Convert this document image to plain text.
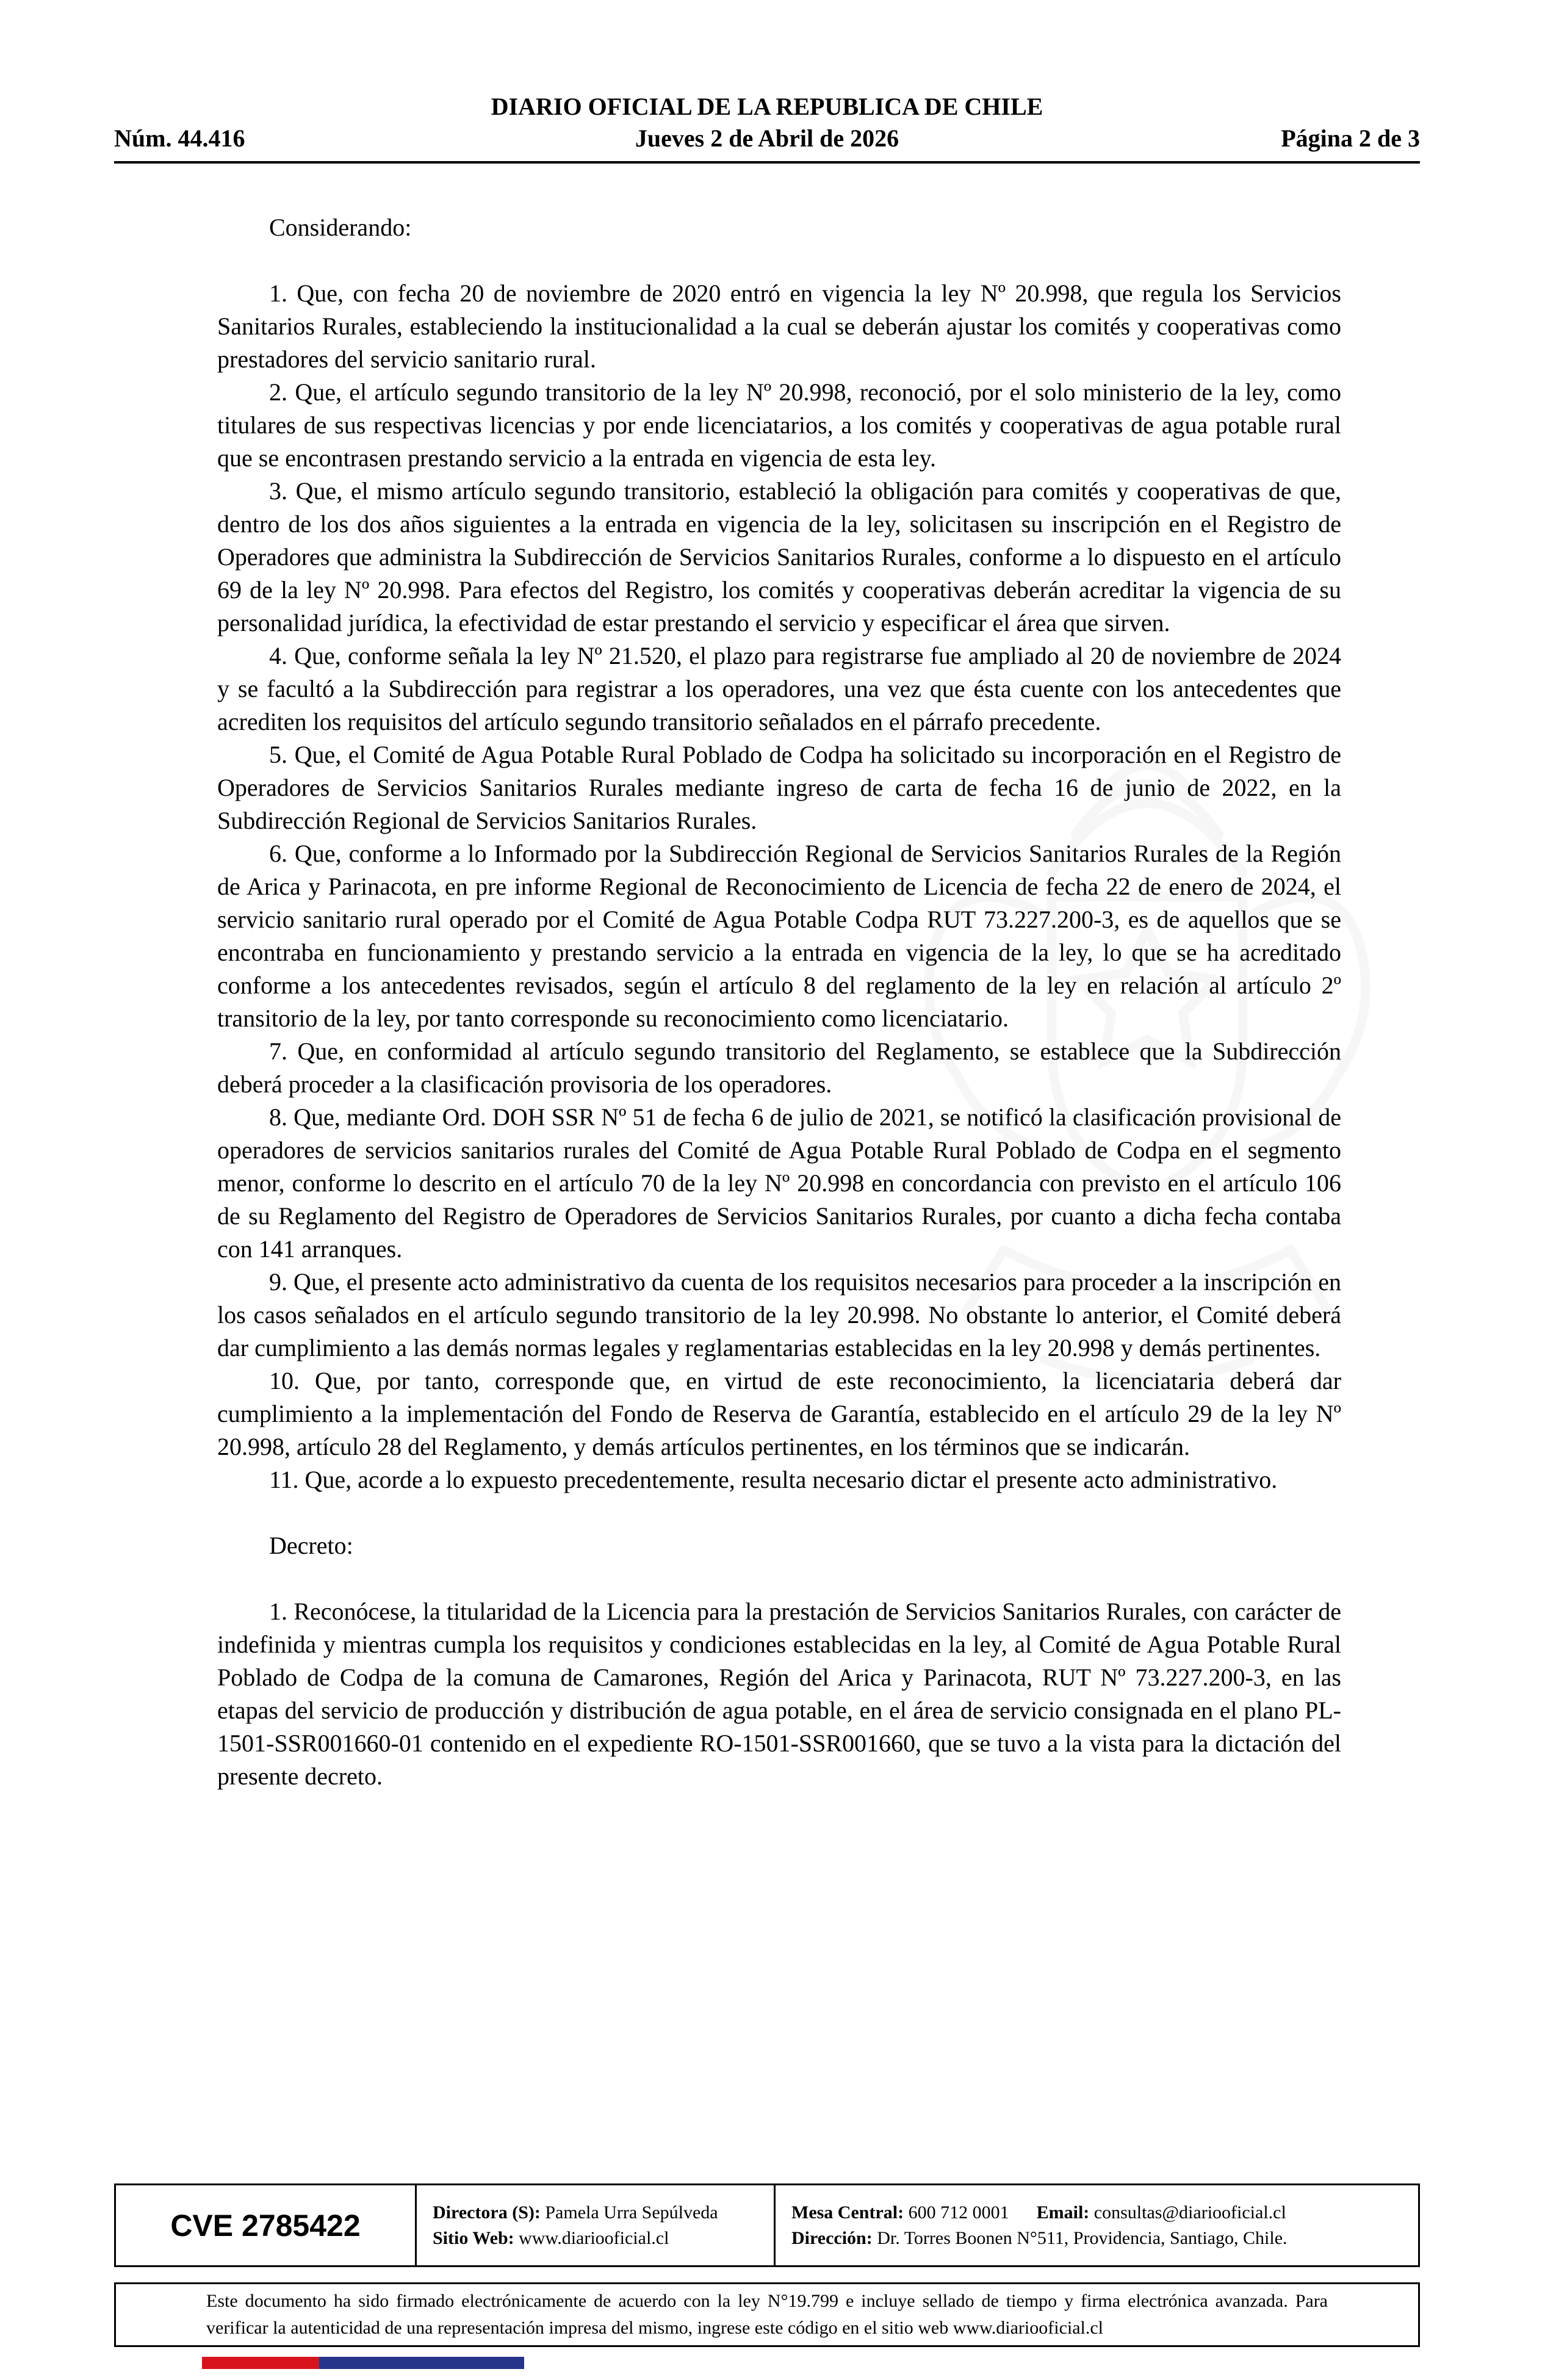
DIARIO OFICIAL DE LA REPUBLICA DE CHILE
Núm. 44.416	Jueves 2 de Abril de 2026	Página 2 de 3

Considerando:

1. Que, con fecha 20 de noviembre de 2020 entró en vigencia la ley Nº 20.998, que regula los Servicios Sanitarios Rurales, estableciendo la institucionalidad a la cual se deberán ajustar los comités y cooperativas como prestadores del servicio sanitario rural.

2. Que, el artículo segundo transitorio de la ley Nº 20.998, reconoció, por el solo ministerio de la ley, como titulares de sus respectivas licencias y por ende licenciatarios, a los comités y cooperativas de agua potable rural que se encontrasen prestando servicio a la entrada en vigencia de esta ley.

3. Que, el mismo artículo segundo transitorio, estableció la obligación para comités y cooperativas de que, dentro de los dos años siguientes a la entrada en vigencia de la ley, solicitasen su inscripción en el Registro de Operadores que administra la Subdirección de Servicios Sanitarios Rurales, conforme a lo dispuesto en el artículo 69 de la ley Nº 20.998. Para efectos del Registro, los comités y cooperativas deberán acreditar la vigencia de su personalidad jurídica, la efectividad de estar prestando el servicio y especificar el área que sirven.

4. Que, conforme señala la ley Nº 21.520, el plazo para registrarse fue ampliado al 20 de noviembre de 2024 y se facultó a la Subdirección para registrar a los operadores, una vez que ésta cuente con los antecedentes que acrediten los requisitos del artículo segundo transitorio señalados en el párrafo precedente.

5. Que, el Comité de Agua Potable Rural Poblado de Codpa ha solicitado su incorporación en el Registro de Operadores de Servicios Sanitarios Rurales mediante ingreso de carta de fecha 16 de junio de 2022, en la Subdirección Regional de Servicios Sanitarios Rurales.

6. Que, conforme a lo Informado por la Subdirección Regional de Servicios Sanitarios Rurales de la Región de Arica y Parinacota, en pre informe Regional de Reconocimiento de Licencia de fecha 22 de enero de 2024, el servicio sanitario rural operado por el Comité de Agua Potable Codpa RUT 73.227.200-3, es de aquellos que se encontraba en funcionamiento y prestando servicio a la entrada en vigencia de la ley, lo que se ha acreditado conforme a los antecedentes revisados, según el artículo 8 del reglamento de la ley en relación al artículo 2º transitorio de la ley, por tanto corresponde su reconocimiento como licenciatario.

7. Que, en conformidad al artículo segundo transitorio del Reglamento, se establece que la Subdirección deberá proceder a la clasificación provisoria de los operadores.

8. Que, mediante Ord. DOH SSR Nº 51 de fecha 6 de julio de 2021, se notificó la clasificación provisional de operadores de servicios sanitarios rurales del Comité de Agua Potable Rural Poblado de Codpa en el segmento menor, conforme lo descrito en el artículo 70 de la ley Nº 20.998 en concordancia con previsto en el artículo 106 de su Reglamento del Registro de Operadores de Servicios Sanitarios Rurales, por cuanto a dicha fecha contaba con 141 arranques.

9. Que, el presente acto administrativo da cuenta de los requisitos necesarios para proceder a la inscripción en los casos señalados en el artículo segundo transitorio de la ley 20.998. No obstante lo anterior, el Comité deberá dar cumplimiento a las demás normas legales y reglamentarias establecidas en la ley 20.998 y demás pertinentes.

10. Que, por tanto, corresponde que, en virtud de este reconocimiento, la licenciataria deberá dar cumplimiento a la implementación del Fondo de Reserva de Garantía, establecido en el artículo 29 de la ley Nº 20.998, artículo 28 del Reglamento, y demás artículos pertinentes, en los términos que se indicarán.

11. Que, acorde a lo expuesto precedentemente, resulta necesario dictar el presente acto administrativo.

Decreto:

1. Reconócese, la titularidad de la Licencia para la prestación de Servicios Sanitarios Rurales, con carácter de indefinida y mientras cumpla los requisitos y condiciones establecidas en la ley, al Comité de Agua Potable Rural Poblado de Codpa de la comuna de Camarones, Región del Arica y Parinacota, RUT Nº 73.227.200-3, en las etapas del servicio de producción y distribución de agua potable, en el área de servicio consignada en el plano PL-1501-SSR001660-01 contenido en el expediente RO-1501-SSR001660, que se tuvo a la vista para la dictación del presente decreto.

CVE 2785422	Directora (S): Pamela Urra Sepúlveda
Sitio Web: www.diariooficial.cl
Mesa Central: 600 712 0001 Email: consultas@diariooficial.cl
Dirección: Dr. Torres Boonen N°511, Providencia, Santiago, Chile.

Este documento ha sido firmado electrónicamente de acuerdo con la ley N°19.799 e incluye sellado de tiempo y firma electrónica avanzada. Para verificar la autenticidad de una representación impresa del mismo, ingrese este código en el sitio web www.diariooficial.cl
